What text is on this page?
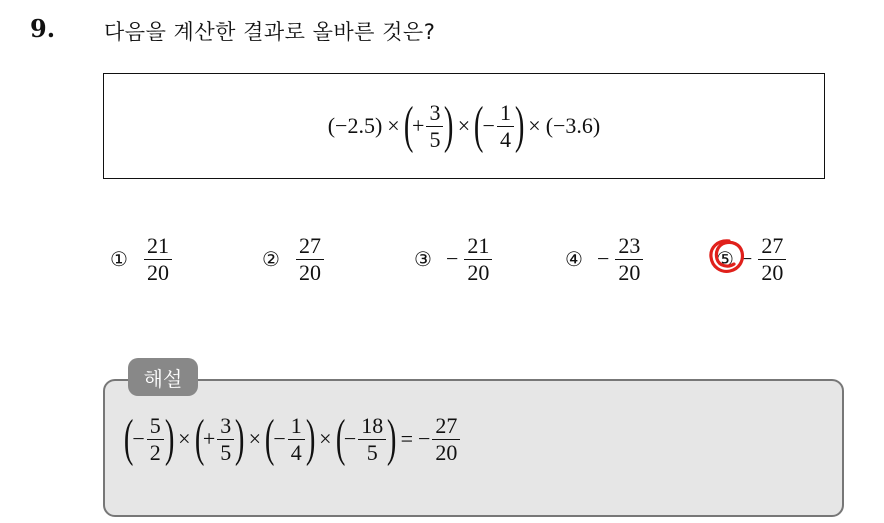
9. 다음을 계산한 결과로 올바른 것은?
(−2.5) × (
+ $\frac{3}{5}$ ) × (
− $\frac{1}{4}$ ) × (−3.6)
① $\frac{21}{20}$	② $\frac{27}{20}$	③ − $\frac{21}{20}$	④ − $\frac{23}{20}$	⑤ − $\frac{27}{20}$
해설
(
− $\frac{5}{2}$ ) × (
+ $\frac{3}{5}$ ) × (
− $\frac{1}{4}$ ) × (
− $\frac{18}{5}$ ) = − $\frac{27}{20}$
